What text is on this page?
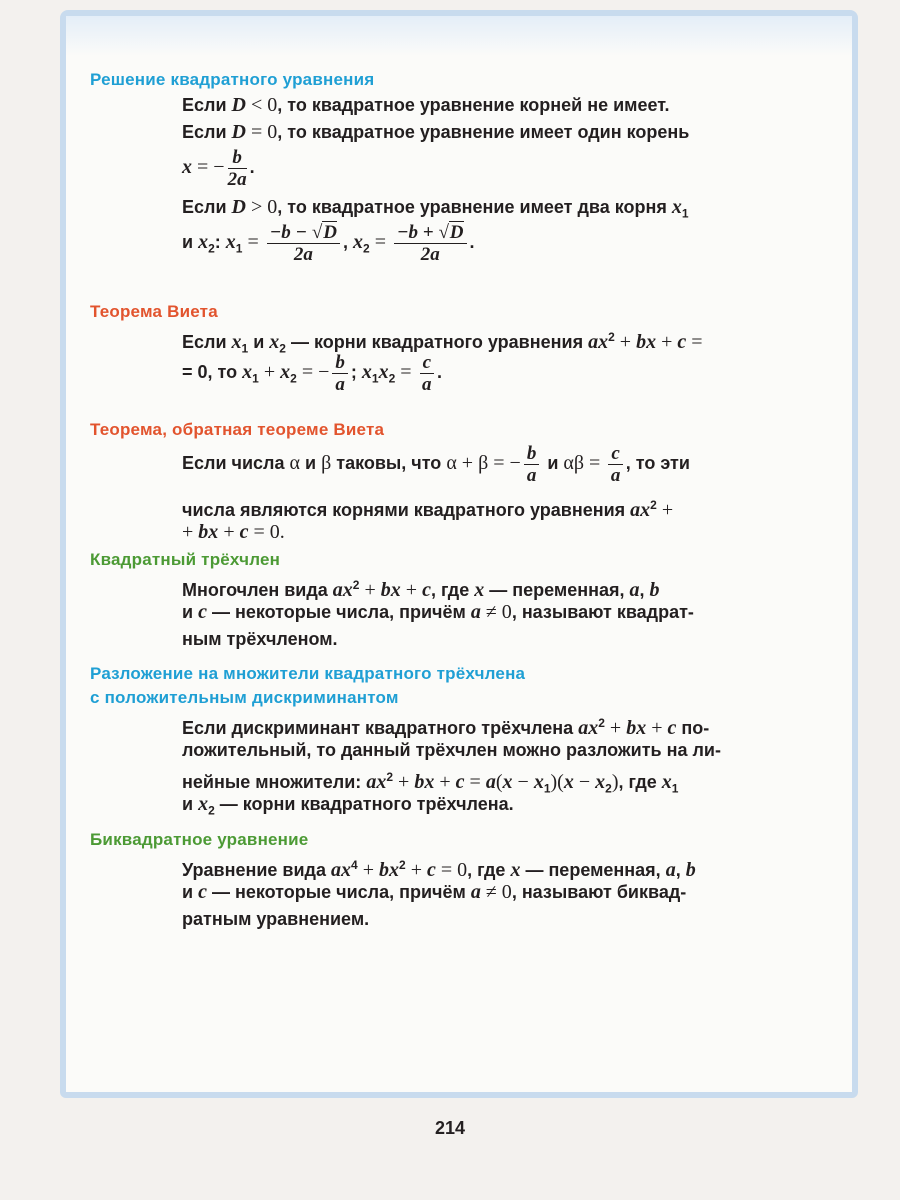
Решение квадратного уравнения
Если D < 0, то квадратное уравнение корней не имеет.
Если D = 0, то квадратное уравнение имеет один корень
x = − $\frac{b}{2a}$ .
Если D > 0, то квадратное уравнение имеет два корня $x_1$
и $x_2$: $x_1 = \frac{-b - √D}{2a}$ , $x_2 = \frac{-b + √D}{2a}$ .
Теорема Виета
Если $x_1$ и $x_2$ — корни квадратного уравнения $ax^2$ + bx + c =
= 0, то $x_1 + x_2$ = − $\frac{b}{a}$ ; $x_1x_2 = \frac{c}{a}$ .
Теорема, обратная теореме Виета
Если числа α и β таковы, что α + β = − $\frac{b}{a}$ и $\alpha\beta = \frac{c}{a}$ , то эти
числа являются корнями квадратного уравнения $ax^2$ +
+ bx + c = 0.
Квадратный трёхчлен
Многочлен вида $ax^2$ + bx + c, где x — переменная, a, b
и c — некоторые числа, причём a ≠ 0, называют квадрат-
ным трёхчленом.
Разложение на множители квадратного трёхчлена
с положительным дискриминантом
Если дискриминант квадратного трёхчлена $ax^2$ + bx + c по-
ложительный, то данный трёхчлен можно разложить на ли-
нейные множители: $ax^2$ + bx + $c = a(x - x_1)(x - x_2)$, где $x_1$
и $x_2$ — корни квадратного трёхчлена.
Биквадратное уравнение
Уравнение вида $ax^4 + bx^2 + c = 0$, где x — переменная, a, b
и c — некоторые числа, причём a ≠ 0, называют биквад-
ратным уравнением.
214
